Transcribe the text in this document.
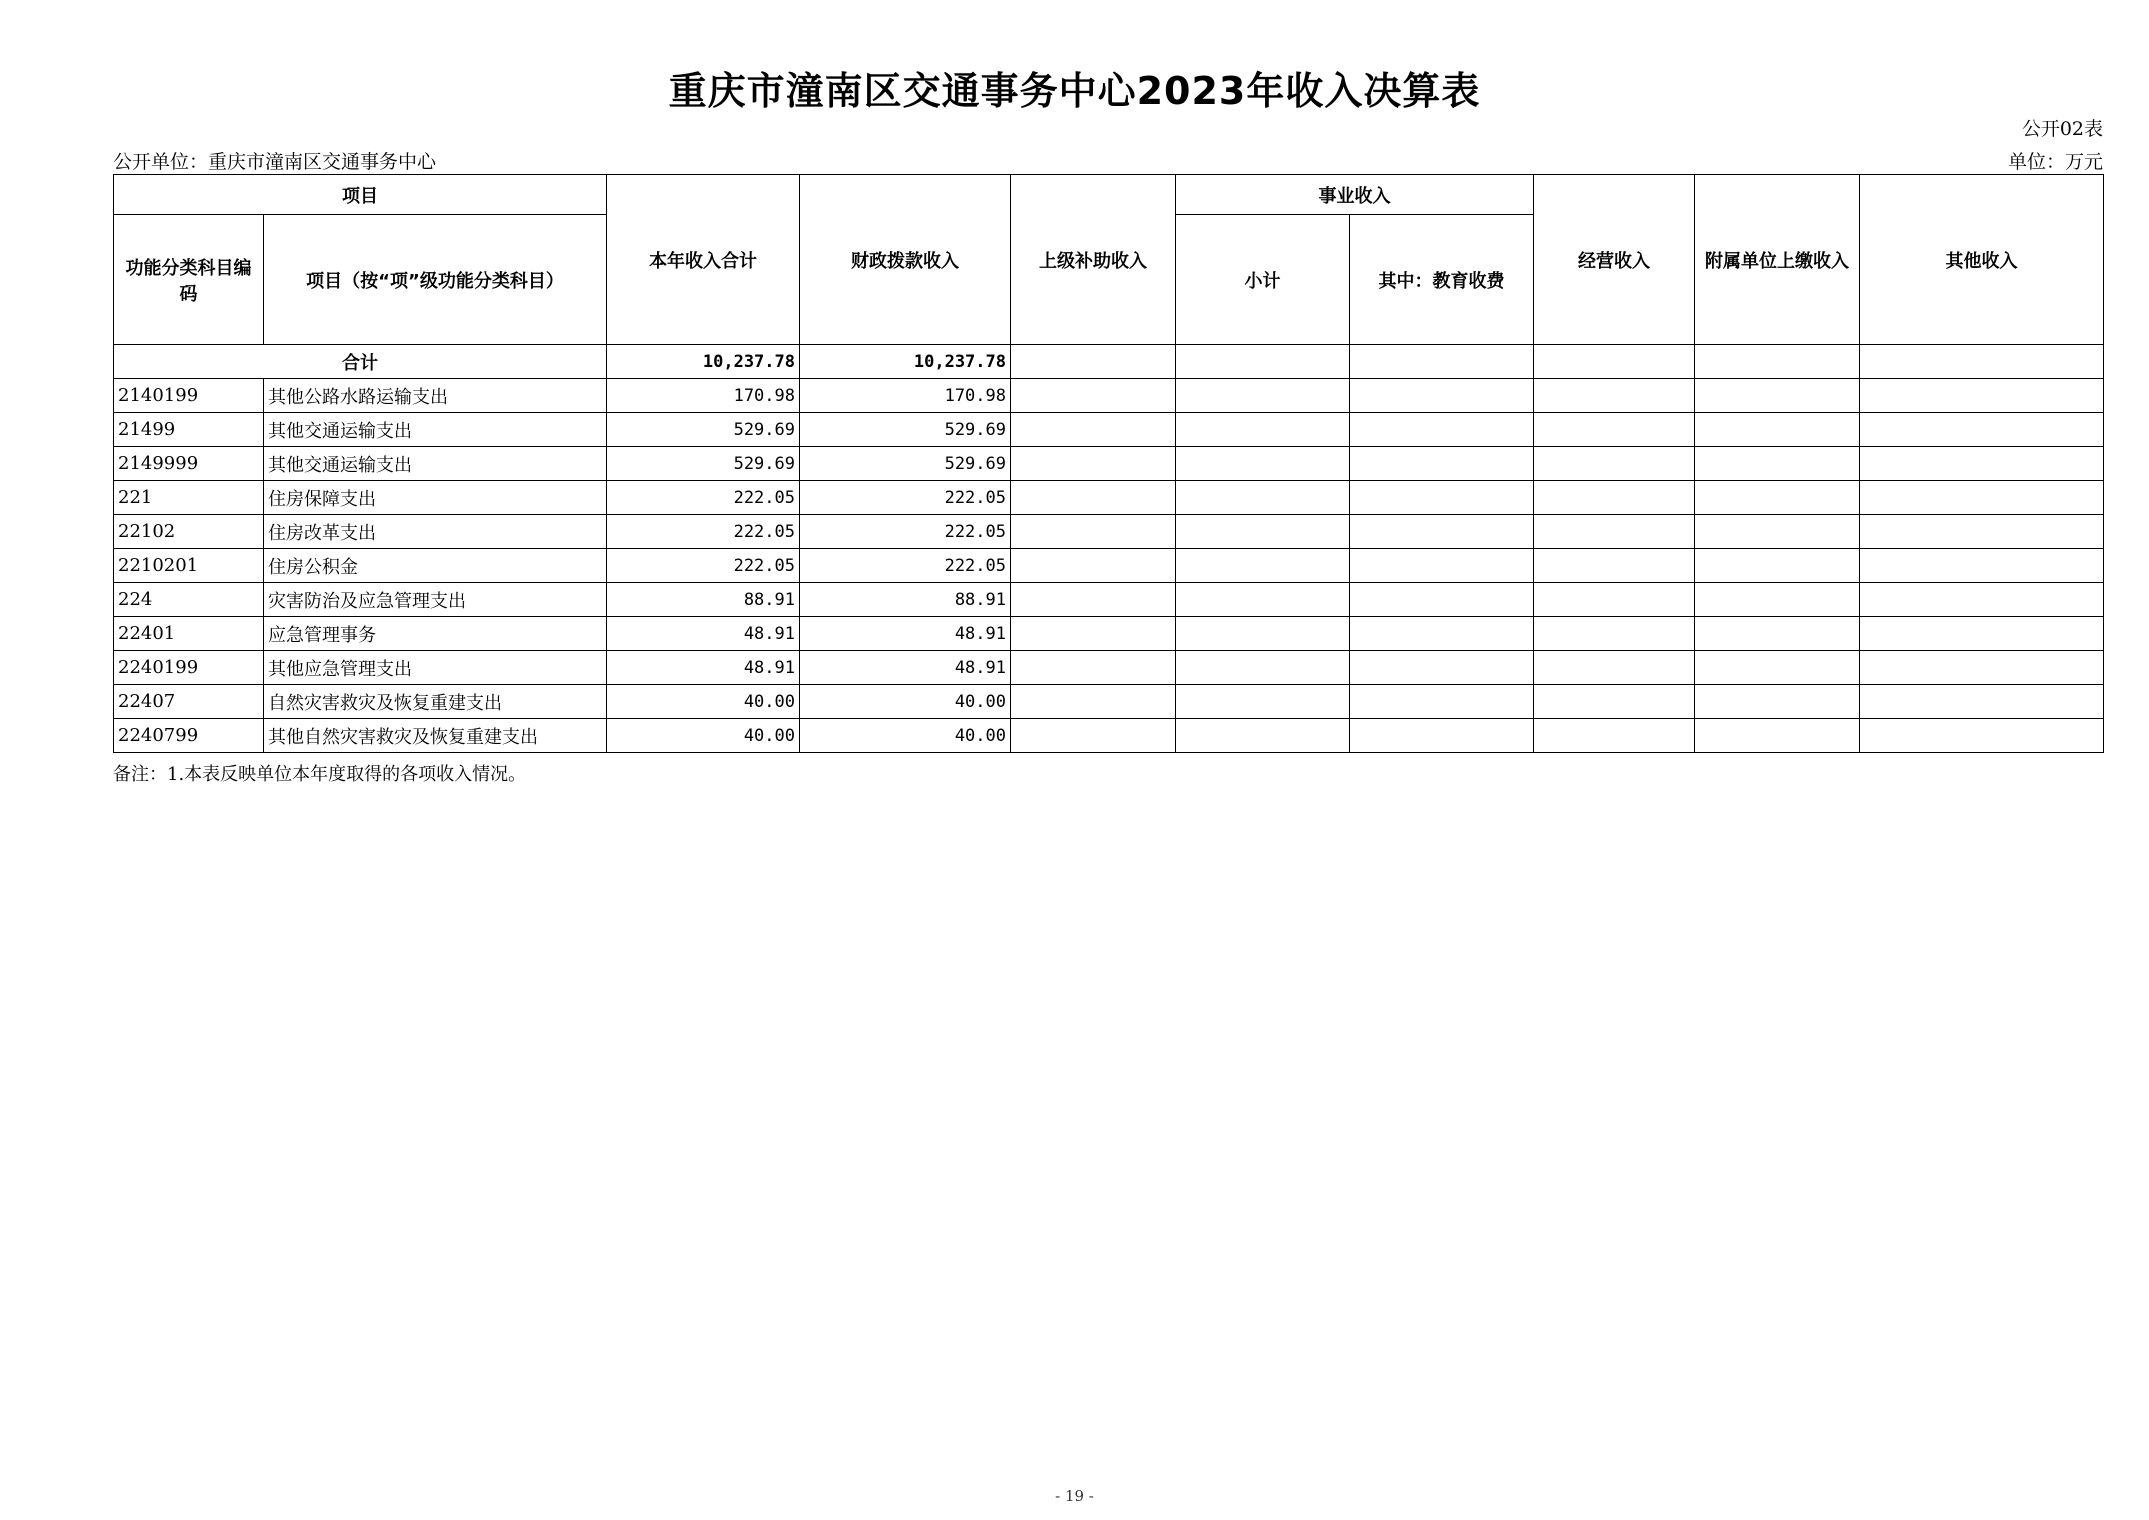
重庆市潼南区交通事务中心2023年收入决算表
公开02表
公开单位：重庆市潼南区交通事务中心	单位：万元
项目		本年收入合计	财政拨款收入	上级补助收入	事业收入		经营收入	附属单位上缴收入	其他收入
功能分类科目编码	项目（按“项”级功能分类科目）				小计	其中：教育收费			
合计		10,237.78	10,237.78						
2140199	其他公路水路运输支出	170.98	170.98						
21499	其他交通运输支出	529.69	529.69						
2149999	其他交通运输支出	529.69	529.69						
221	住房保障支出	222.05	222.05						
22102	住房改革支出	222.05	222.05						
2210201	住房公积金	222.05	222.05						
224	灾害防治及应急管理支出	88.91	88.91						
22401	应急管理事务	48.91	48.91						
2240199	其他应急管理支出	48.91	48.91						
22407	自然灾害救灾及恢复重建支出	40.00	40.00						
2240799	其他自然灾害救灾及恢复重建支出	40.00	40.00						
备注：1.本表反映单位本年度取得的各项收入情况。
- 19 -
